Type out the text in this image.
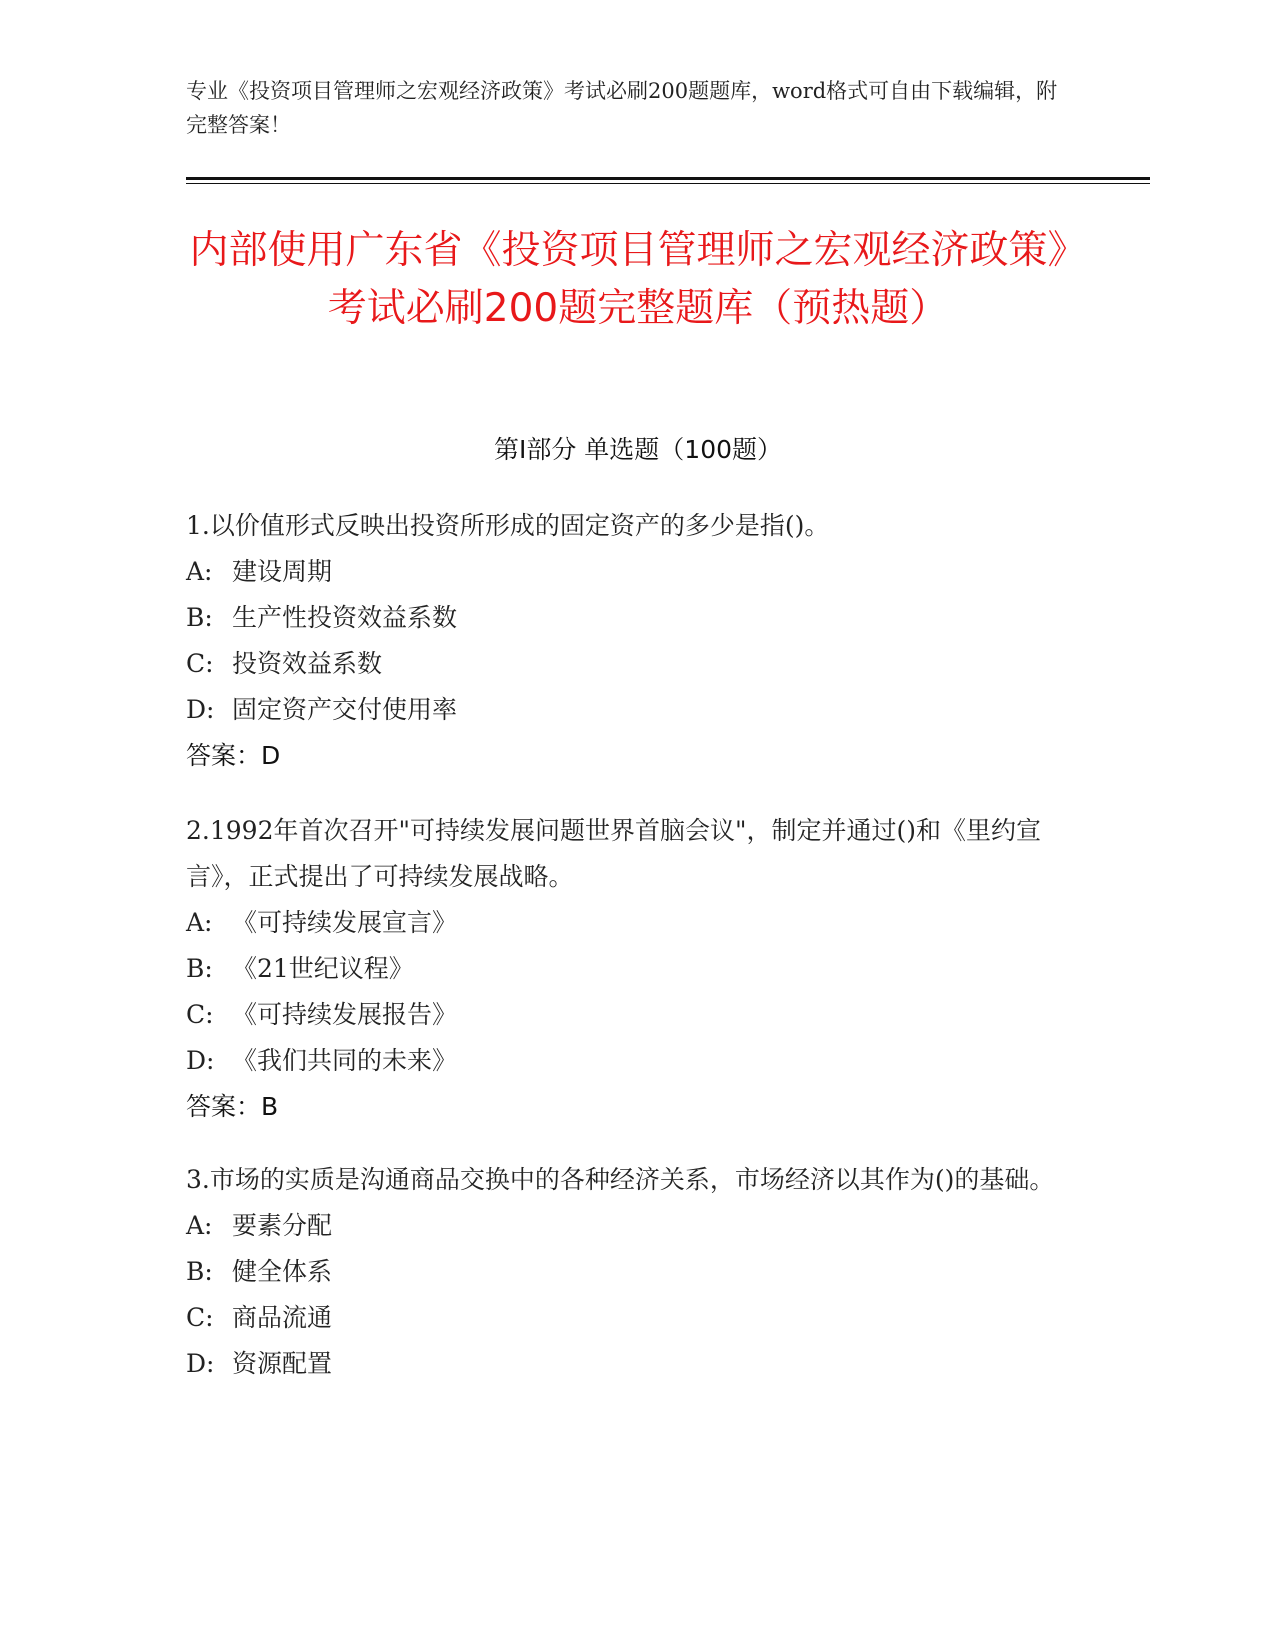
专业《投资项目管理师之宏观经济政策》考试必刷200题题库，word格式可自由下载编辑，附完整答案！
内部使用广东省《投资项目管理师之宏观经济政策》考试必刷200题完整题库（预热题）
第Ⅰ部分 单选题（100题）

1.以价值形式反映出投资所形成的固定资产的多少是指()。

A: 建设周期

B: 生产性投资效益系数

C: 投资效益系数

D: 固定资产交付使用率

答案：D

2.1992年首次召开"可持续发展问题世界首脑会议"，制定并通过()和《里约宣言》，正式提出了可持续发展战略。

A: 《可持续发展宣言》

B: 《21世纪议程》

C: 《可持续发展报告》

D: 《我们共同的未来》

答案：B

3.市场的实质是沟通商品交换中的各种经济关系，市场经济以其作为()的基础。

A: 要素分配

B: 健全体系

C: 商品流通

D: 资源配置
